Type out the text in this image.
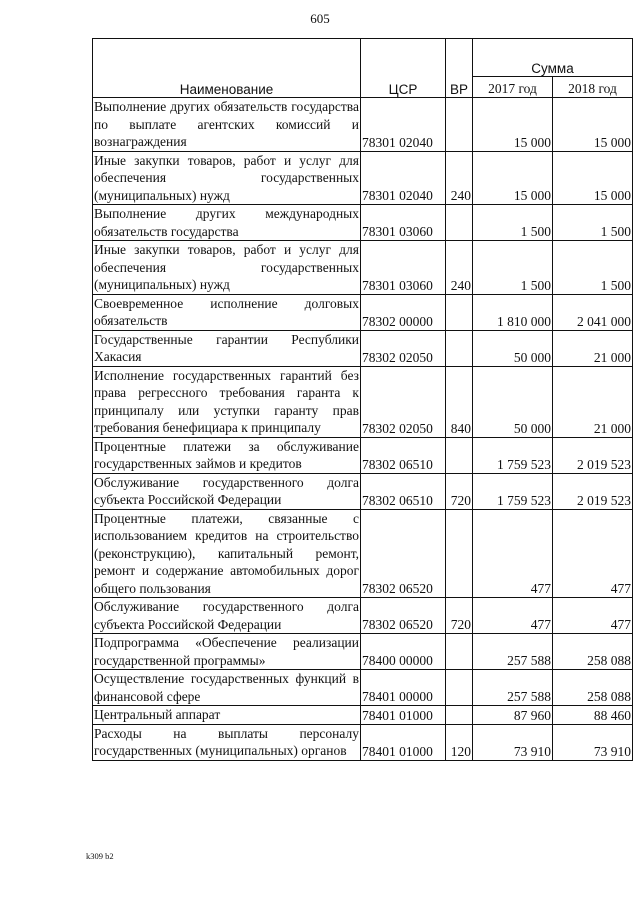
605
Наименование	ЦСР	ВР	Сумма	
			2017 год	2018 год
Выполнение других обязательств государства по выплате агентских комиссий и вознаграждения	78301 02040		15 000	15 000
Иные закупки товаров, работ и услуг для обеспечения государственных (муниципальных) нужд	78301 02040	240	15 000	15 000
Выполнение других международных обязательств государства	78301 03060		1 500	1 500
Иные закупки товаров, работ и услуг для обеспечения государственных (муниципальных) нужд	78301 03060	240	1 500	1 500
Своевременное исполнение долговых обязательств	78302 00000		1 810 000	2 041 000
Государственные гарантии Республики Хакасия	78302 02050		50 000	21 000
Исполнение государственных гарантий без права регрессного требования гаранта к принципалу или уступки гаранту прав требования бенефициара к принципалу	78302 02050	840	50 000	21 000
Процентные платежи за обслуживание государственных займов и кредитов	78302 06510		1 759 523	2 019 523
Обслуживание государственного долга субъекта Российской Федерации	78302 06510	720	1 759 523	2 019 523
Процентные платежи, связанные с использованием кредитов на строительство (реконструкцию), капитальный ремонт, ремонт и содержание автомобильных дорог общего пользования	78302 06520		477	477
Обслуживание государственного долга субъекта Российской Федерации	78302 06520	720	477	477
Подпрограмма «Обеспечение реализации государственной программы»	78400 00000		257 588	258 088
Осуществление государственных функций в финансовой сфере	78401 00000		257 588	258 088
Центральный аппарат	78401 01000		87 960	88 460
Расходы на выплаты персоналу государственных (муниципальных) органов	78401 01000	120	73 910	73 910
k309 b2
